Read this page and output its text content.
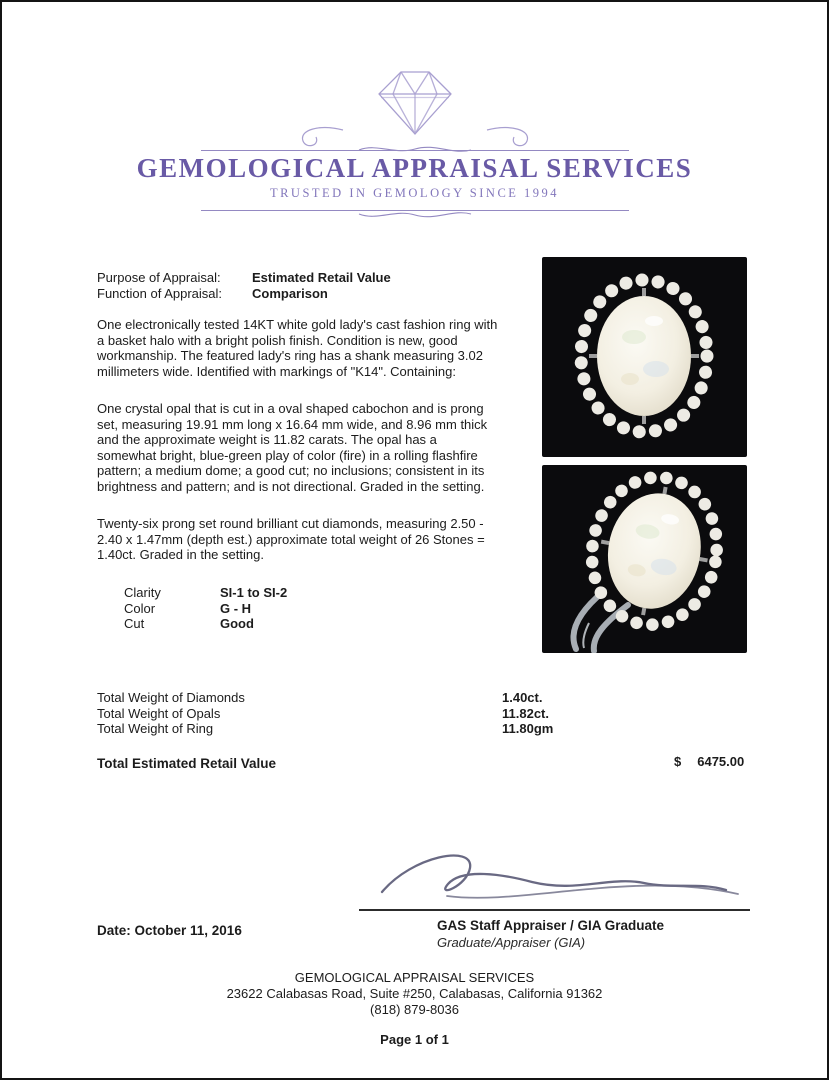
GEMOLOGICAL APPRAISAL SERVICES
TRUSTED IN GEMOLOGY SINCE 1994
Purpose of Appraisal:	Estimated Retail Value
Function of Appraisal:	Comparison

One electronically tested 14KT white gold lady's cast fashion ring with a basket halo with a bright polish finish. Condition is new, good workmanship. The featured lady's ring has a shank measuring 3.02 millimeters wide. Identified with markings of "K14". Containing:

One crystal opal that is cut in a oval shaped cabochon and is prong set, measuring 19.91 mm long x 16.64 mm wide, and 8.96 mm thick and the approximate weight is 11.82 carats. The opal has a somewhat bright, blue-green play of color (fire) in a rolling flashfire pattern; a medium dome; a good cut; no inclusions; consistent in its brightness and pattern; and is not directional. Graded in the setting.

Twenty-six prong set round brilliant cut diamonds, measuring 2.50 - 2.40 x 1.47mm (depth est.) approximate total weight of 26 Stones = 1.40ct. Graded in the setting.

Clarity	SI-1 to SI-2
Color	G - H
Cut	Good
Total Weight of Diamonds	1.40ct.
Total Weight of Opals	11.82ct.
Total Weight of Ring	11.80gm
Total Estimated Retail Value	$ 6475.00
Date: October 11, 2016	GAS Staff Appraiser / GIA Graduate
Graduate/Appraiser (GIA)
GEMOLOGICAL APPRAISAL SERVICES
23622 Calabasas Road, Suite #250, Calabasas, California 91362
(818) 879-8036
Page 1 of 1
